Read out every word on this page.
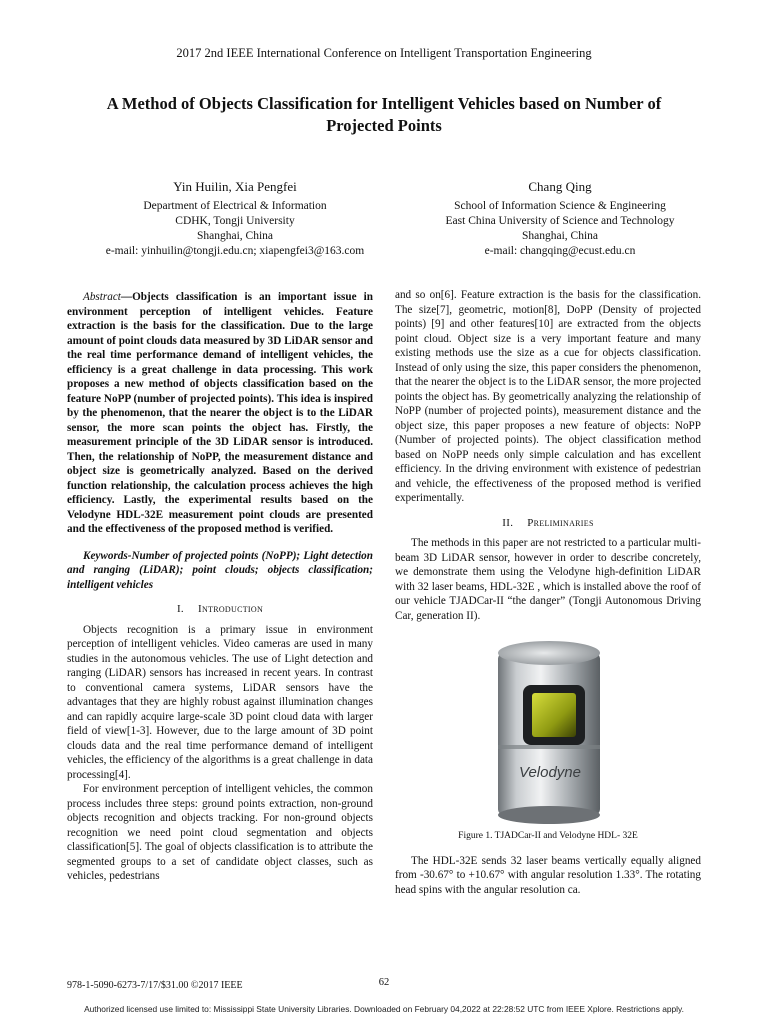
2017 2nd IEEE International Conference on Intelligent Transportation Engineering
A Method of Objects Classification for Intelligent Vehicles based on Number of
Projected Points
Yin Huilin, Xia Pengfei
Department of Electrical & Information
CDHK, Tongji University
Shanghai, China
e-mail: yinhuilin@tongji.edu.cn; xiapengfei3@163.com
Chang Qing
School of Information Science & Engineering
East China University of Science and Technology
Shanghai, China
e-mail: changqing@ecust.edu.cn

Abstract—Objects classification is an important issue in environment perception of intelligent vehicles. Feature extraction is the basis for the classification. Due to the large amount of point clouds data measured by 3D LiDAR sensor and the real time performance demand of intelligent vehicles, the efficiency is a great challenge in data processing. This work proposes a new method of objects classification based on the feature NoPP (number of projected points). This idea is inspired by the phenomenon, that the nearer the object is to the LiDAR sensor, the more scan points the object has. Firstly, the measurement principle of the 3D LiDAR sensor is introduced. Then, the relationship of NoPP, the measurement distance and object size is geometrically analyzed. Based on the derived function relationship, the calculation process achieves the high efficiency. Lastly, the experimental results based on the Velodyne HDL-32E measurement point clouds are presented and the effectiveness of the proposed method is verified.

Keywords-Number of projected points (NoPP); Light detection and ranging (LiDAR); point clouds; objects classification; intelligent vehicles

I. Introduction

Objects recognition is a primary issue in environment perception of intelligent vehicles. Video cameras are used in many studies in the autonomous vehicles. The use of Light detection and ranging (LiDAR) sensors has increased in recent years. In contrast to conventional camera systems, LiDAR sensors have the advantages that they are highly robust against illumination changes and can rapidly acquire large-scale 3D point cloud data with larger field of view[1-3]. However, due to the large amount of 3D point clouds data and the real time performance demand of intelligent vehicles, the efficiency of the algorithms is a great challenge in data processing[4].

For environment perception of intelligent vehicles, the common process includes three steps: ground points extraction, non-ground objects recognition and objects tracking. For non-ground objects recognition we need point cloud segmentation and objects classification[5]. The goal of objects classification is to attribute the segmented groups to a set of candidate object classes, such as vehicles, pedestrians

and so on[6]. Feature extraction is the basis for the classification. The size[7], geometric, motion[8], DoPP (Density of projected points) [9] and other features[10] are extracted from the objects point cloud. Object size is a very important feature and many existing methods use the size as a cue for objects classification. Instead of only using the size, this paper considers the phenomenon, that the nearer the object is to the LiDAR sensor, the more projected points the object has. By geometrically analyzing the relationship of NoPP (number of projected points), measurement distance and the object size, this paper proposes a new feature of objects: NoPP (Number of projected points). The object classification method based on NoPP needs only simple calculation and has excellent efficiency. In the driving environment with existence of pedestrian and vehicle, the effectiveness of the proposed method is verified experimentally.

II. Preliminaries

The methods in this paper are not restricted to a particular multi-beam 3D LiDAR sensor, however in order to describe concretely, we demonstrate them using the Velodyne high-definition LiDAR with 32 laser beams, HDL-32E , which is installed above the roof of our vehicle TJADCar-II “the danger” (Tongji Autonomous Driving Car, generation II).

Velodyne

Figure 1. TJADCar-II and Velodyne HDL- 32E

The HDL-32E sends 32 laser beams vertically equally aligned from -30.67° to +10.67° with angular resolution 1.33°. The rotating head spins with the angular resolution ca.

978-1-5090-6273-7/17/$31.00 ©2017 IEEE	62
Authorized licensed use limited to: Mississippi State University Libraries. Downloaded on February 04,2022 at 22:28:52 UTC from IEEE Xplore. Restrictions apply.
